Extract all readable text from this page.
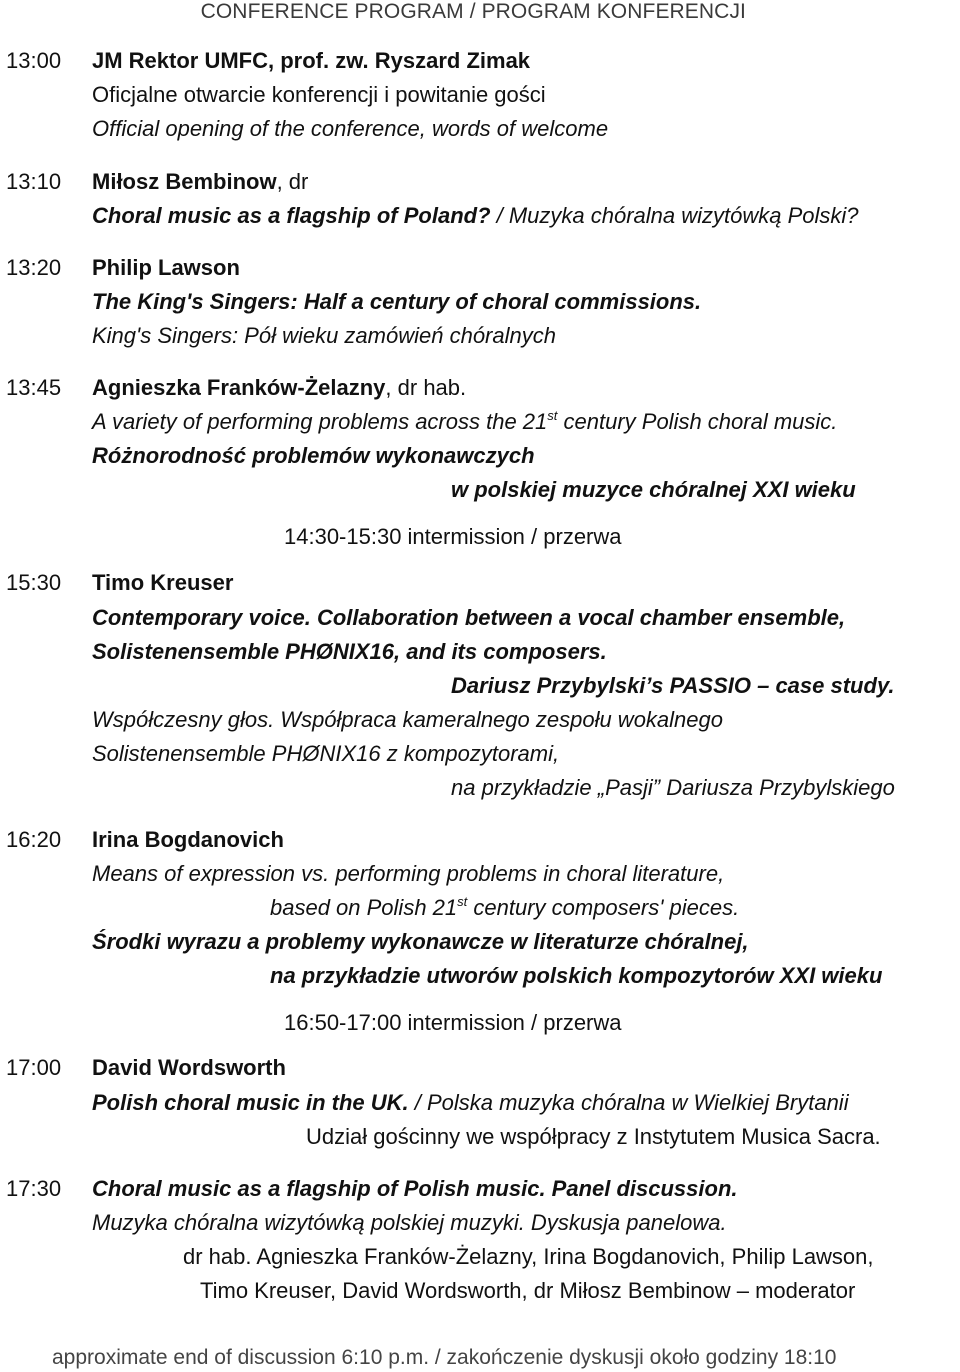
CONFERENCE PROGRAM / PROGRAM KONFERENCJI
13:00 JM Rektor UMFC, prof. zw. Ryszard Zimak
Oficjalne otwarcie konferencji i powitanie gości
Official opening of the conference, words of welcome
13:10 Miłosz Bembinow, dr
Choral music as a flagship of Poland? / Muzyka chóralna wizytówką Polski?
13:20 Philip Lawson
The King's Singers: Half a century of choral commissions.
King's Singers: Pół wieku zamówień chóralnych
13:45 Agnieszka Franków-Żelazny, dr hab.
A variety of performing problems across the 21st century Polish choral music.
Różnorodność problemów wykonawczych
w polskiej muzyce chóralnej XXI wieku
14:30-15:30 intermission / przerwa
15:30 Timo Kreuser
Contemporary voice. Collaboration between a vocal chamber ensemble,
Solistenensemble PHØNIX16, and its composers.
Dariusz Przybylski’s PASSIO – case study.
Współczesny głos. Współpraca kameralnego zespołu wokalnego
Solistenensemble PHØNIX16 z kompozytorami,
na przykładzie „Pasji” Dariusza Przybylskiego
16:20 Irina Bogdanovich
Means of expression vs. performing problems in choral literature,
based on Polish 21st century composers' pieces.
Środki wyrazu a problemy wykonawcze w literaturze chóralnej,
na przykładzie utworów polskich kompozytorów XXI wieku
16:50-17:00 intermission / przerwa
17:00 David Wordsworth
Polish choral music in the UK. / Polska muzyka chóralna w Wielkiej Brytanii
Udział gościnny we współpracy z Instytutem Musica Sacra.
17:30 Choral music as a flagship of Polish music. Panel discussion.
Muzyka chóralna wizytówką polskiej muzyki. Dyskusja panelowa.
dr hab. Agnieszka Franków-Żelazny, Irina Bogdanovich, Philip Lawson,
Timo Kreuser, David Wordsworth, dr Miłosz Bembinow – moderator
approximate end of discussion 6:10 p.m. / zakończenie dyskusji około godziny 18:10
